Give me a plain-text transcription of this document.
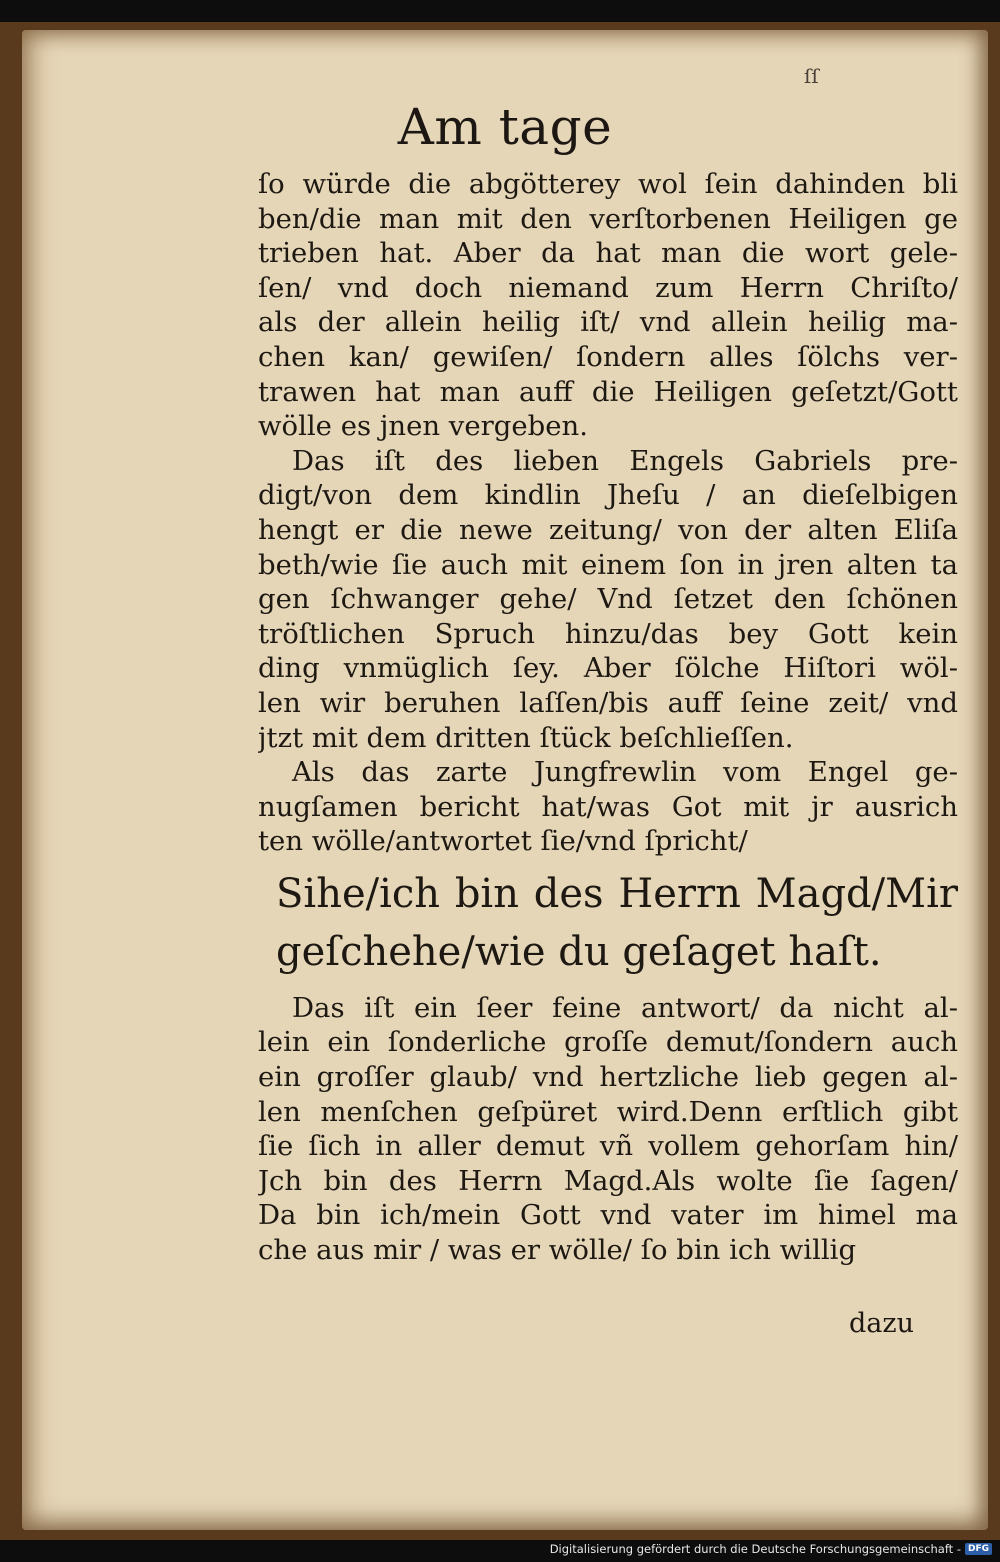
ſſ
Am tage
ſo würde die abgötterey wol ſein dahinden bli
ben/die man mit den verſtorbenen Heiligen ge
trieben hat. Aber da hat man die wort gele-
ſen/ vnd doch niemand zum Herrn Chriſto/
als der allein heilig iſt/ vnd allein heilig ma-
chen kan/ gewiſen/ ſondern alles ſölchs ver-
trawen hat man auff die Heiligen geſetzt/Gott
wölle es jnen vergeben.
Das iſt des lieben Engels Gabriels pre-
digt/von dem kindlin Jheſu / an dieſelbigen
hengt er die newe zeitung/ von der alten Eliſa
beth/wie ſie auch mit einem ſon in jren alten ta
gen ſchwanger gehe/ Vnd ſetzet den ſchönen
tröſtlichen Spruch hinzu/das bey Gott kein
ding vnmüglich ſey. Aber ſölche Hiſtori wöl-
len wir beruhen laſſen/bis auff ſeine zeit/ vnd
jtzt mit dem dritten ſtück beſchlieſſen.
Als das zarte Jungfrewlin vom Engel ge-
nugſamen bericht hat/was Got mit jr ausrich
ten wölle/antwortet ſie/vnd ſpricht/
Sihe/ich bin des Herrn Magd/Mir
geſchehe/wie du geſaget haſt.
Das iſt ein ſeer feine antwort/ da nicht al-
lein ein ſonderliche groſſe demut/ſondern auch
ein groſſer glaub/ vnd hertzliche lieb gegen al-
len menſchen geſpüret wird.Denn erſtlich gibt
ſie ſich in aller demut vñ vollem gehorſam hin/
Jch bin des Herrn Magd.Als wolte ſie ſagen/
Da bin ich/mein Gott vnd vater im himel ma
che aus mir / was er wölle/ ſo bin ich willig
dazu
Digitalisierung gefördert durch die Deutsche Forschungsgemeinschaft - DFG
